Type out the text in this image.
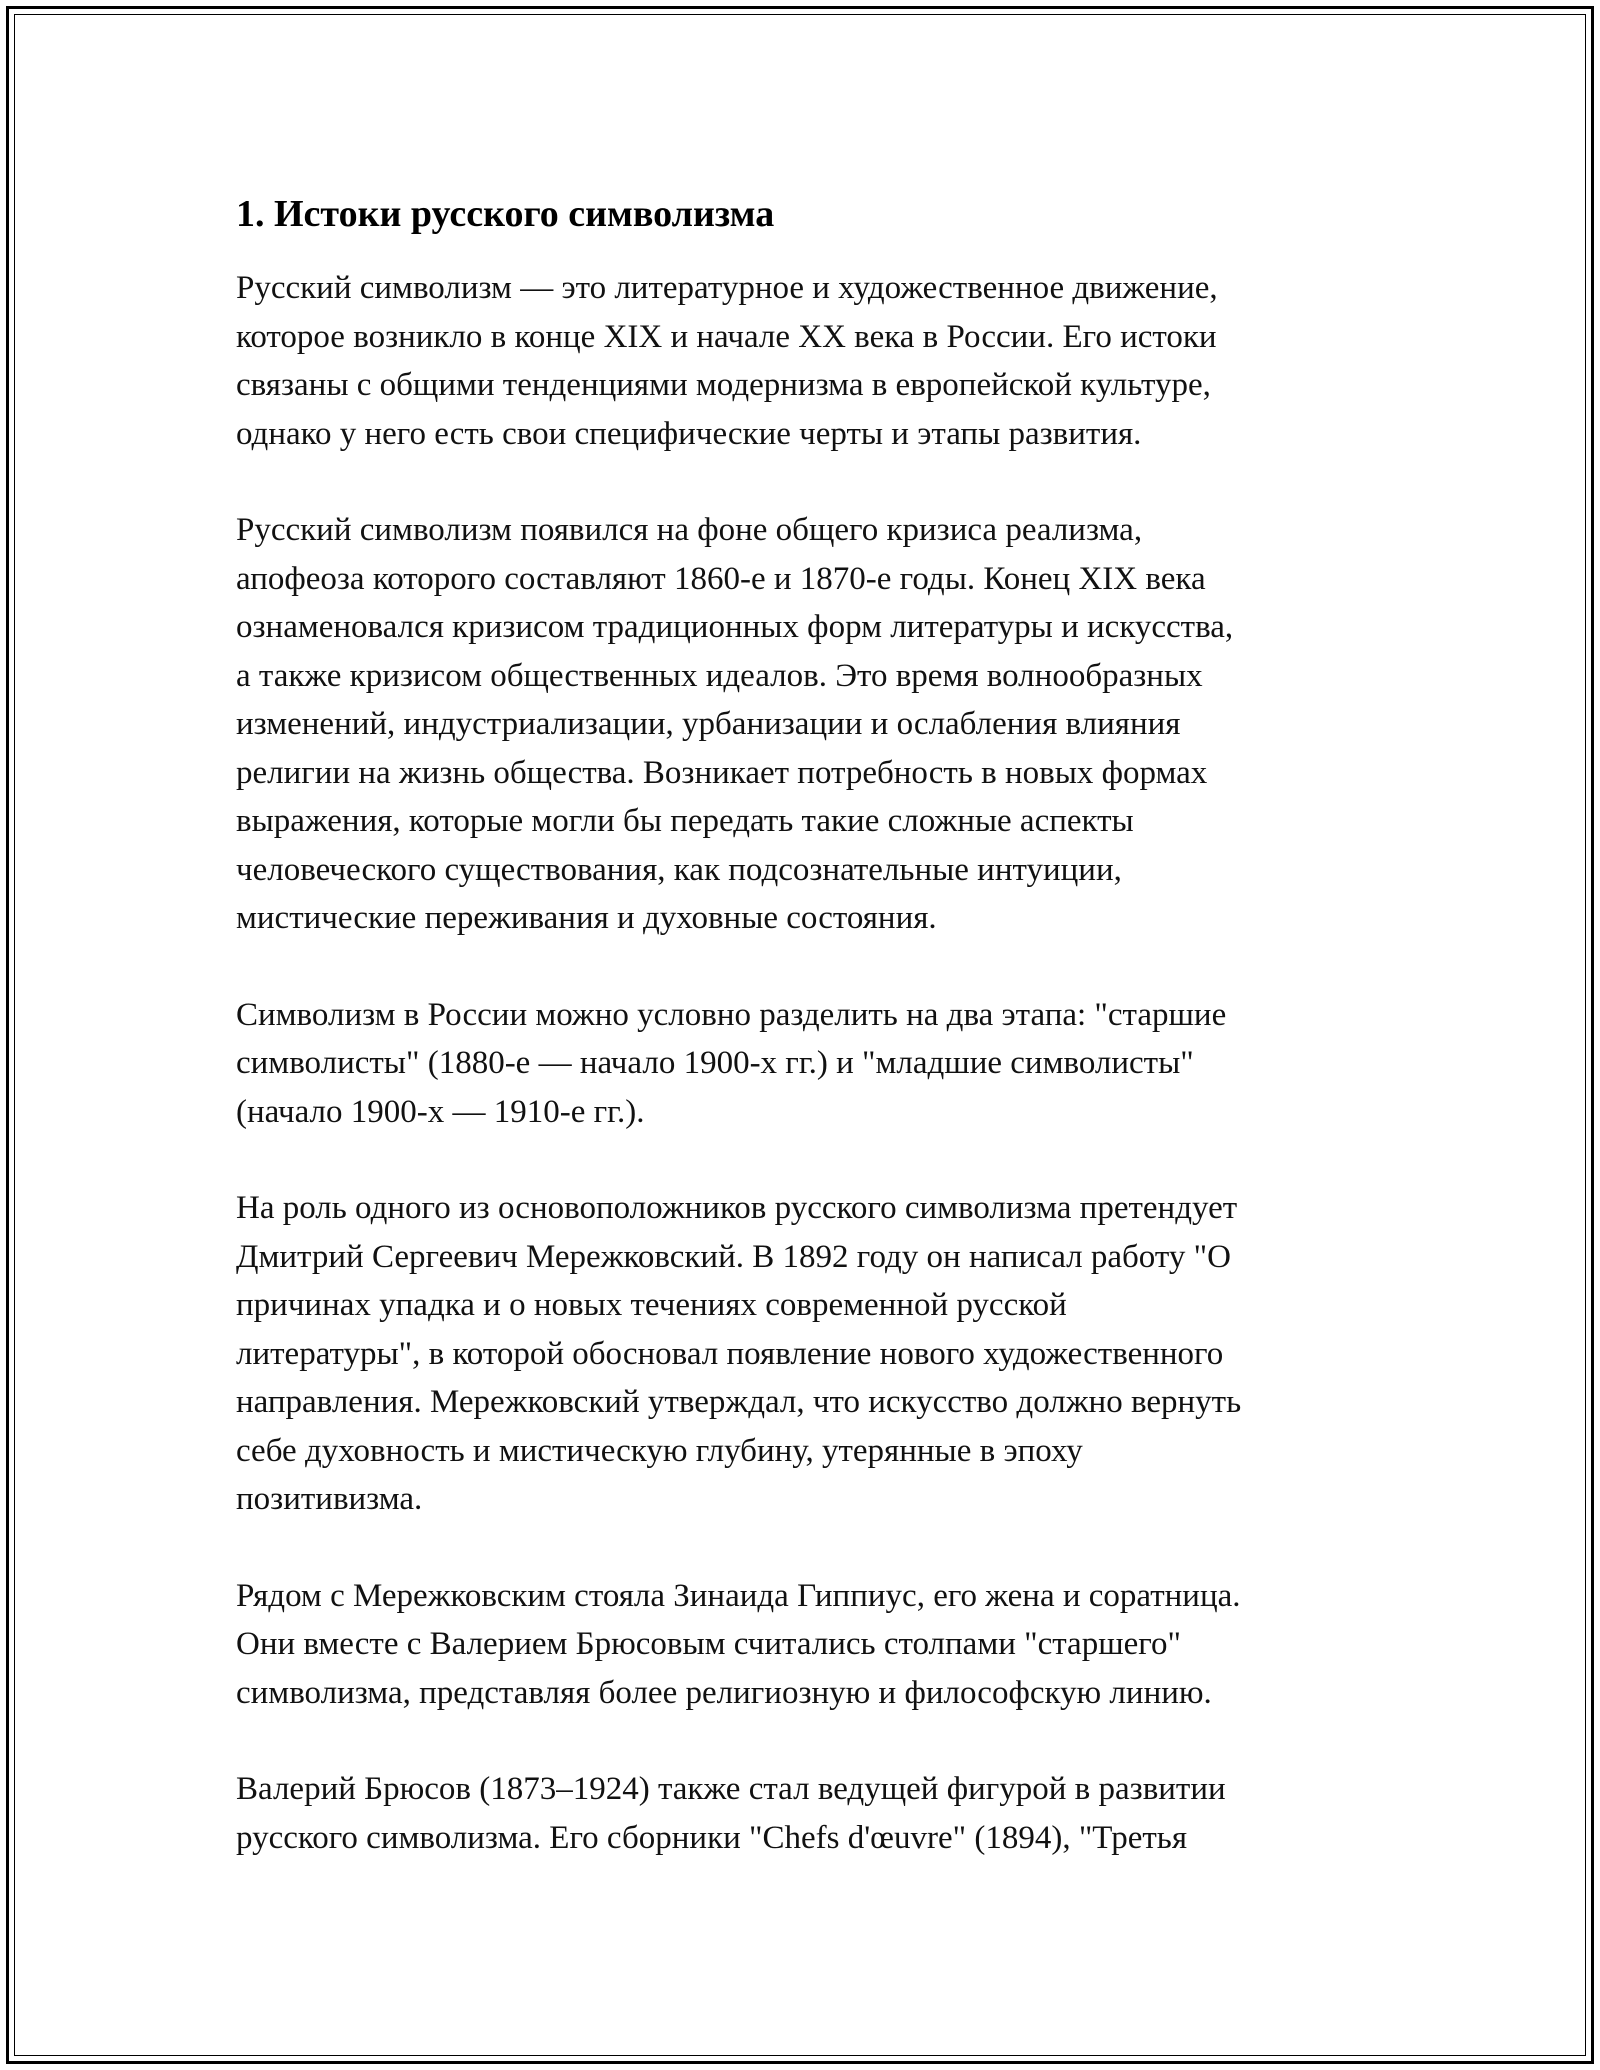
1. Истоки русского символизма

Русский символизм — это литературное и художественное движение,
которое возникло в конце XIX и начале XX века в России. Его истоки
связаны с общими тенденциями модернизма в европейской культуре,
однако у него есть свои специфические черты и этапы развития.

Русский символизм появился на фоне общего кризиса реализма,
апофеоза которого составляют 1860-е и 1870-е годы. Конец XIX века
ознаменовался кризисом традиционных форм литературы и искусства,
а также кризисом общественных идеалов. Это время волнообразных
изменений, индустриализации, урбанизации и ослабления влияния
религии на жизнь общества. Возникает потребность в новых формах
выражения, которые могли бы передать такие сложные аспекты
человеческого существования, как подсознательные интуиции,
мистические переживания и духовные состояния.

Символизм в России можно условно разделить на два этапа: "старшие
символисты" (1880-е — начало 1900-х гг.) и "младшие символисты"
(начало 1900-х — 1910-е гг.).

На роль одного из основоположников русского символизма претендует
Дмитрий Сергеевич Мережковский. В 1892 году он написал работу "О
причинах упадка и о новых течениях современной русской
литературы", в которой обосновал появление нового художественного
направления. Мережковский утверждал, что искусство должно вернуть
себе духовность и мистическую глубину, утерянные в эпоху
позитивизма.

Рядом с Мережковским стояла Зинаида Гиппиус, его жена и соратница.
Они вместе с Валерием Брюсовым считались столпами "старшего"
символизма, представляя более религиозную и философскую линию.

Валерий Брюсов (1873–1924) также стал ведущей фигурой в развитии
русского символизма. Его сборники "Chefs d'œuvre" (1894), "Третья
